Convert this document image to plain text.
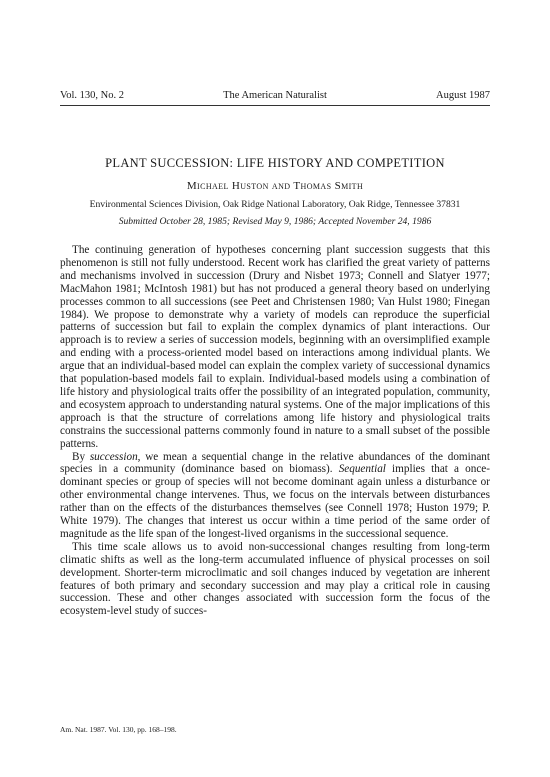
Vol. 130, No. 2	The American Naturalist	August 1987
PLANT SUCCESSION: LIFE HISTORY AND COMPETITION
Michael Huston and Thomas Smith
Environmental Sciences Division, Oak Ridge National Laboratory, Oak Ridge, Tennessee 37831
Submitted October 28, 1985; Revised May 9, 1986; Accepted November 24, 1986

The continuing generation of hypotheses concerning plant succession suggests that this phenomenon is still not fully understood. Recent work has clarified the great variety of patterns and mechanisms involved in succession (Drury and Nisbet 1973; Connell and Slatyer 1977; MacMahon 1981; McIntosh 1981) but has not produced a general theory based on underlying processes common to all successions (see Peet and Christensen 1980; Van Hulst 1980; Finegan 1984). We propose to demonstrate why a variety of models can reproduce the superficial patterns of succession but fail to explain the complex dynamics of plant interactions. Our approach is to review a series of succession models, beginning with an oversimplified example and ending with a process-oriented model based on interactions among individual plants. We argue that an individual-based model can explain the complex variety of successional dynamics that population-based models fail to explain. Individual-based models using a combination of life history and physiological traits offer the possibility of an integrated population, community, and ecosystem approach to understanding natural systems. One of the major implications of this approach is that the structure of correlations among life history and physiological traits constrains the successional patterns commonly found in nature to a small subset of the possible patterns.

By succession, we mean a sequential change in the relative abundances of the dominant species in a community (dominance based on biomass). Sequential implies that a once-dominant species or group of species will not become dominant again unless a disturbance or other environmental change intervenes. Thus, we focus on the intervals between disturbances rather than on the effects of the disturbances themselves (see Connell 1978; Huston 1979; P. White 1979). The changes that interest us occur within a time period of the same order of magnitude as the life span of the longest-lived organisms in the successional sequence.

This time scale allows us to avoid non-successional changes resulting from long-term climatic shifts as well as the long-term accumulated influence of physical processes on soil development. Shorter-term microclimatic and soil changes induced by vegetation are inherent features of both primary and secondary succession and may play a critical role in causing succession. These and other changes associated with succession form the focus of the ecosystem-level study of succes-

Am. Nat. 1987. Vol. 130, pp. 168–198.
